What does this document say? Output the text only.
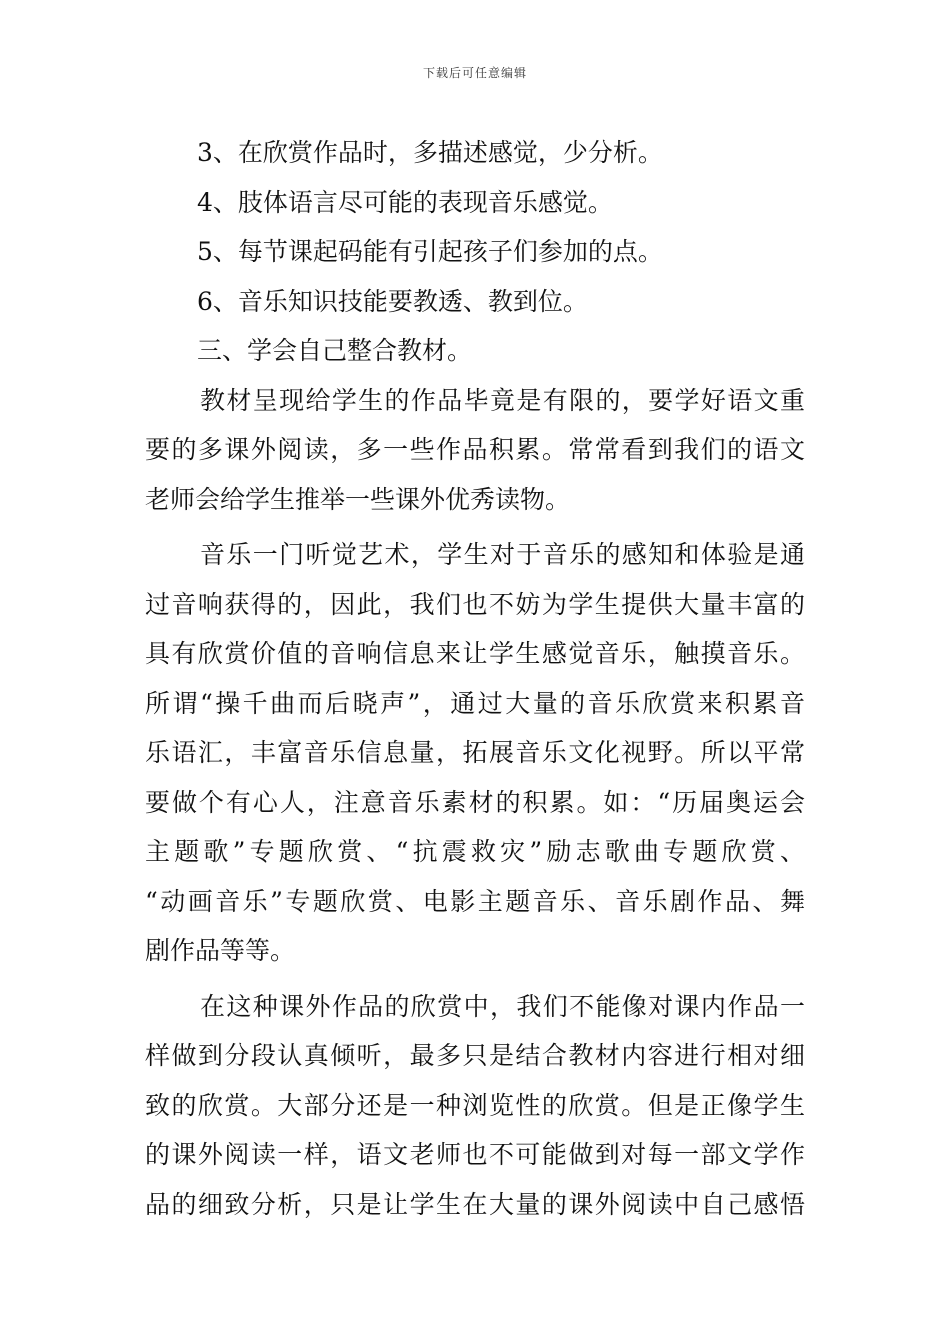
下载后可任意编辑
3、在欣赏作品时，多描述感觉，少分析。
4、肢体语言尽可能的表现音乐感觉。
5、每节课起码能有引起孩子们参加的点。
6、音乐知识技能要教透、教到位。
三、学会自己整合教材。
教材呈现给学生的作品毕竟是有限的，要学好语文重
要的多课外阅读，多一些作品积累。常常看到我们的语文
老师会给学生推举一些课外优秀读物。
音乐一门听觉艺术，学生对于音乐的感知和体验是通
过音响获得的，因此，我们也不妨为学生提供大量丰富的
具有欣赏价值的音响信息来让学生感觉音乐，触摸音乐。
所谓“操千曲而后晓声”，通过大量的音乐欣赏来积累音
乐语汇，丰富音乐信息量，拓展音乐文化视野。所以平常
要做个有心人，注意音乐素材的积累。如：“历届奥运会
主题歌”专题欣赏、“抗震救灾”励志歌曲专题欣赏、
“动画音乐”专题欣赏、电影主题音乐、音乐剧作品、舞
剧作品等等。
在这种课外作品的欣赏中，我们不能像对课内作品一
样做到分段认真倾听，最多只是结合教材内容进行相对细
致的欣赏。大部分还是一种浏览性的欣赏。但是正像学生
的课外阅读一样，语文老师也不可能做到对每一部文学作
品的细致分析，只是让学生在大量的课外阅读中自己感悟
